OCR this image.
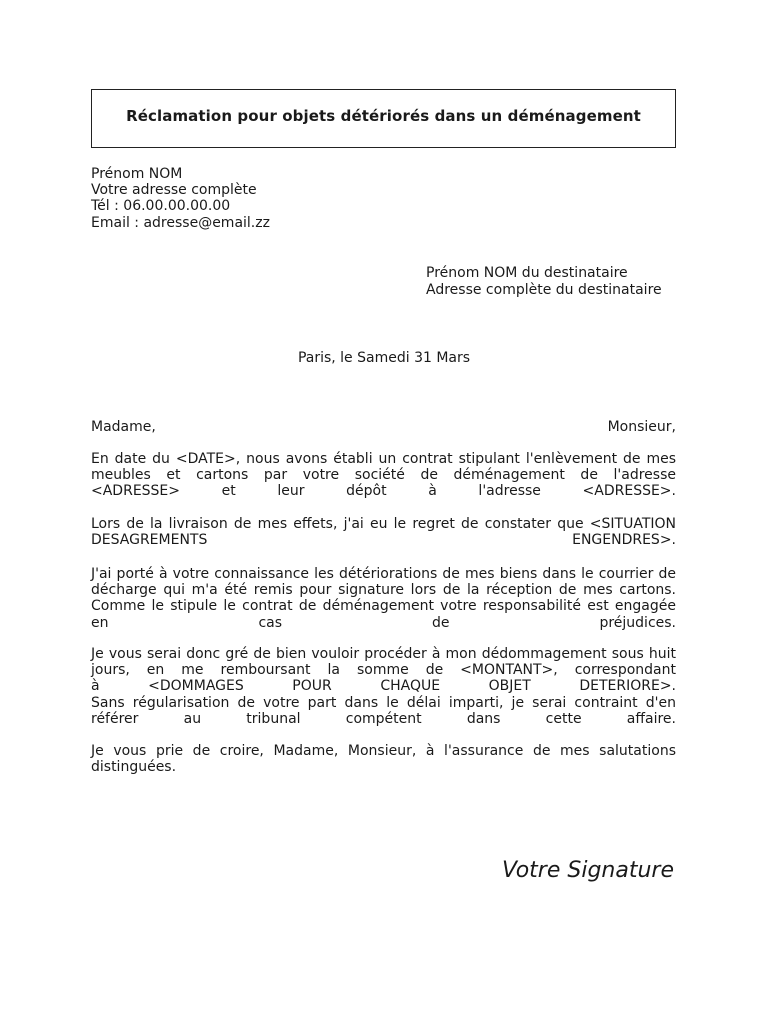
Réclamation pour objets détériorés dans un déménagement
Prénom NOM
Votre adresse complète
Tél : 06.00.00.00.00
Email : adresse@email.zz
Prénom NOM du destinataire
Adresse complète du destinataire
Paris, le Samedi 31 Mars
Madame,	Monsieur,
En date du <DATE>, nous avons établi un contrat stipulant l'enlèvement de mes
meubles et cartons par votre société de déménagement de l'adresse
<ADRESSE> et leur dépôt à l'adresse <ADRESSE>.
Lors de la livraison de mes effets, j'ai eu le regret de constater que <SITUATION
DESAGREMENTS ENGENDRES>.
J'ai porté à votre connaissance les détériorations de mes biens dans le courrier de
décharge qui m'a été remis pour signature lors de la réception de mes cartons.
Comme le stipule le contrat de déménagement votre responsabilité est engagée
en cas de préjudices.
Je vous serai donc gré de bien vouloir procéder à mon dédommagement sous huit
jours, en me remboursant la somme de <MONTANT>, correspondant
à <DOMMAGES POUR CHAQUE OBJET DETERIORE>.
Sans régularisation de votre part dans le délai imparti, je serai contraint d'en
référer au tribunal compétent dans cette affaire.
Je vous prie de croire, Madame, Monsieur, à l'assurance de mes salutations
distinguées.
Votre Signature
